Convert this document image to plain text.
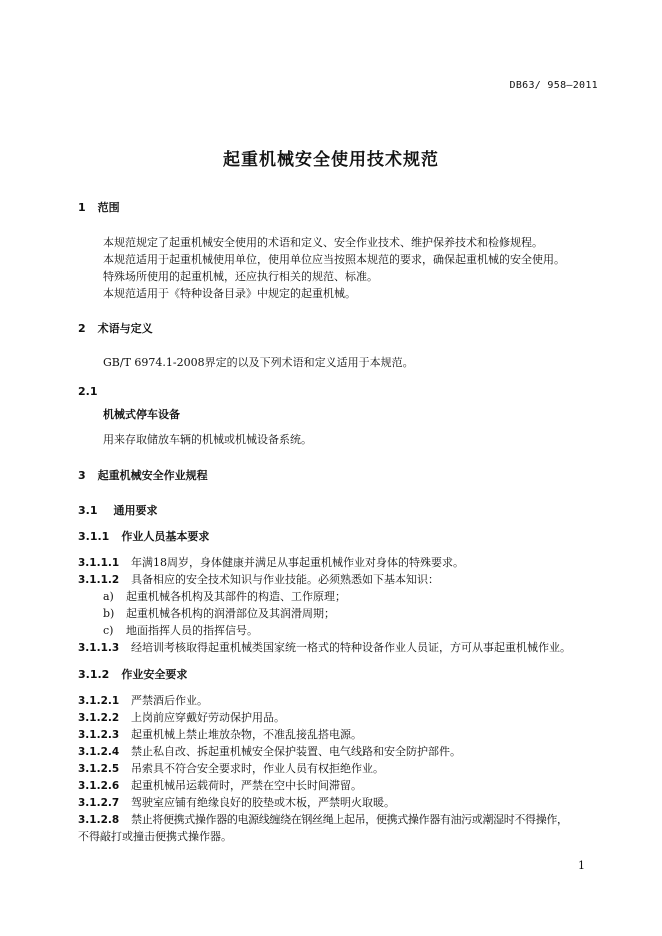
DB63/ 958—2011
起重机械安全使用技术规范
1 范围
本规范规定了起重机械安全使用的术语和定义、安全作业技术、维护保养技术和检修规程。
本规范适用于起重机械使用单位，使用单位应当按照本规范的要求，确保起重机械的安全使用。
特殊场所使用的起重机械，还应执行相关的规范、标准。
本规范适用于《特种设备目录》中规定的起重机械。
2 术语与定义
GB/T 6974.1-2008界定的以及下列术语和定义适用于本规范。
2.1
机械式停车设备
用来存取储放车辆的机械或机械设备系统。
3 起重机械安全作业规程
3.1 通用要求
3.1.1 作业人员基本要求
3.1.1.1 年满18周岁，身体健康并满足从事起重机械作业对身体的特殊要求。
3.1.1.2 具备相应的安全技术知识与作业技能。必须熟悉如下基本知识：
a) 起重机械各机构及其部件的构造、工作原理；
b) 起重机械各机构的润滑部位及其润滑周期；
c) 地面指挥人员的指挥信号。
3.1.1.3 经培训考核取得起重机械类国家统一格式的特种设备作业人员证，方可从事起重机械作业。
3.1.2 作业安全要求
3.1.2.1 严禁酒后作业。
3.1.2.2 上岗前应穿戴好劳动保护用品。
3.1.2.3 起重机械上禁止堆放杂物，不准乱接乱搭电源。
3.1.2.4 禁止私自改、拆起重机械安全保护装置、电气线路和安全防护部件。
3.1.2.5 吊索具不符合安全要求时，作业人员有权拒绝作业。
3.1.2.6 起重机械吊运载荷时，严禁在空中长时间滞留。
3.1.2.7 驾驶室应铺有绝缘良好的胶垫或木板，严禁明火取暖。
3.1.2.8 禁止将便携式操作器的电源线缠绕在钢丝绳上起吊，便携式操作器有油污或潮湿时不得操作，
不得敲打或撞击便携式操作器。
1
